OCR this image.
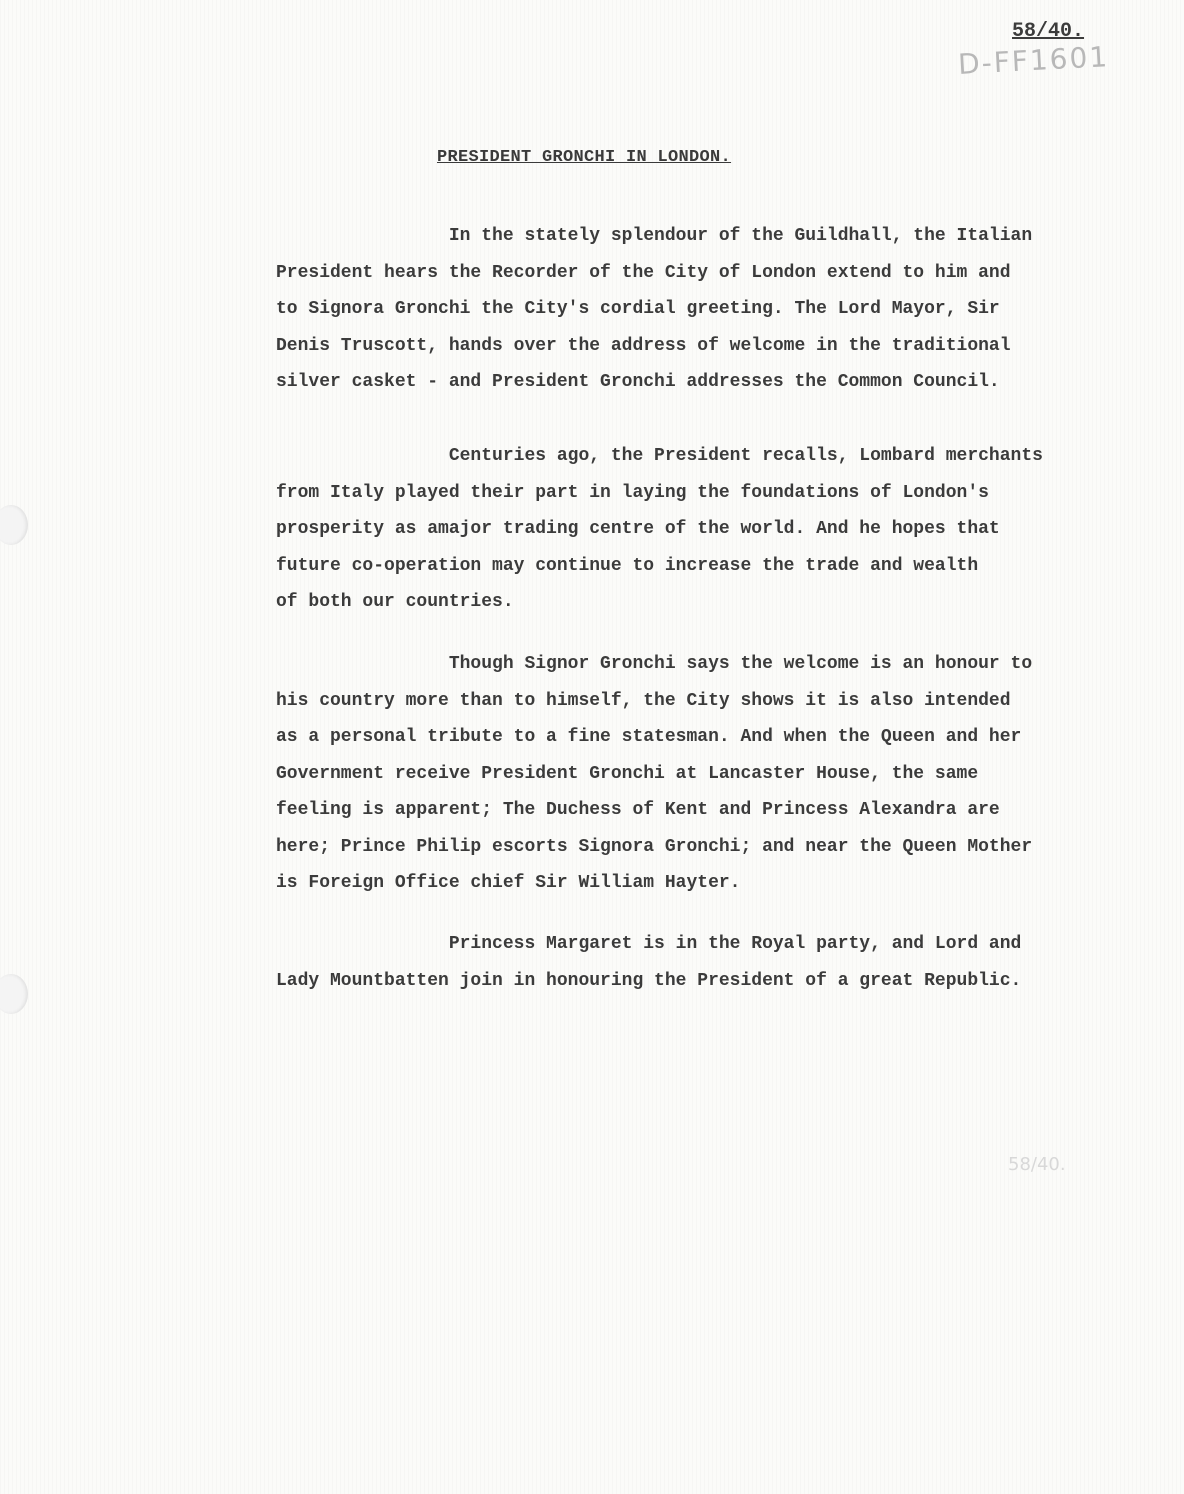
58/40.
D-FF1601
PRESIDENT GRONCHI IN LONDON.
In the stately splendour of the Guildhall, the Italian
President hears the Recorder of the City of London extend to him and
to Signora Gronchi the City's cordial greeting. The Lord Mayor, Sir
Denis Truscott, hands over the address of welcome in the traditional
silver casket - and President Gronchi addresses the Common Council.
Centuries ago, the President recalls, Lombard merchants
from Italy played their part in laying the foundations of London's
prosperity as amajor trading centre of the world. And he hopes that
future co-operation may continue to increase the trade and wealth
of both our countries.
Though Signor Gronchi says the welcome is an honour to
his country more than to himself, the City shows it is also intended
as a personal tribute to a fine statesman. And when the Queen and her
Government receive President Gronchi at Lancaster House, the same
feeling is apparent; The Duchess of Kent and Princess Alexandra are
here; Prince Philip escorts Signora Gronchi; and near the Queen Mother
is Foreign Office chief Sir William Hayter.
Princess Margaret is in the Royal party, and Lord and
Lady Mountbatten join in honouring the President of a great Republic.
58/40.
